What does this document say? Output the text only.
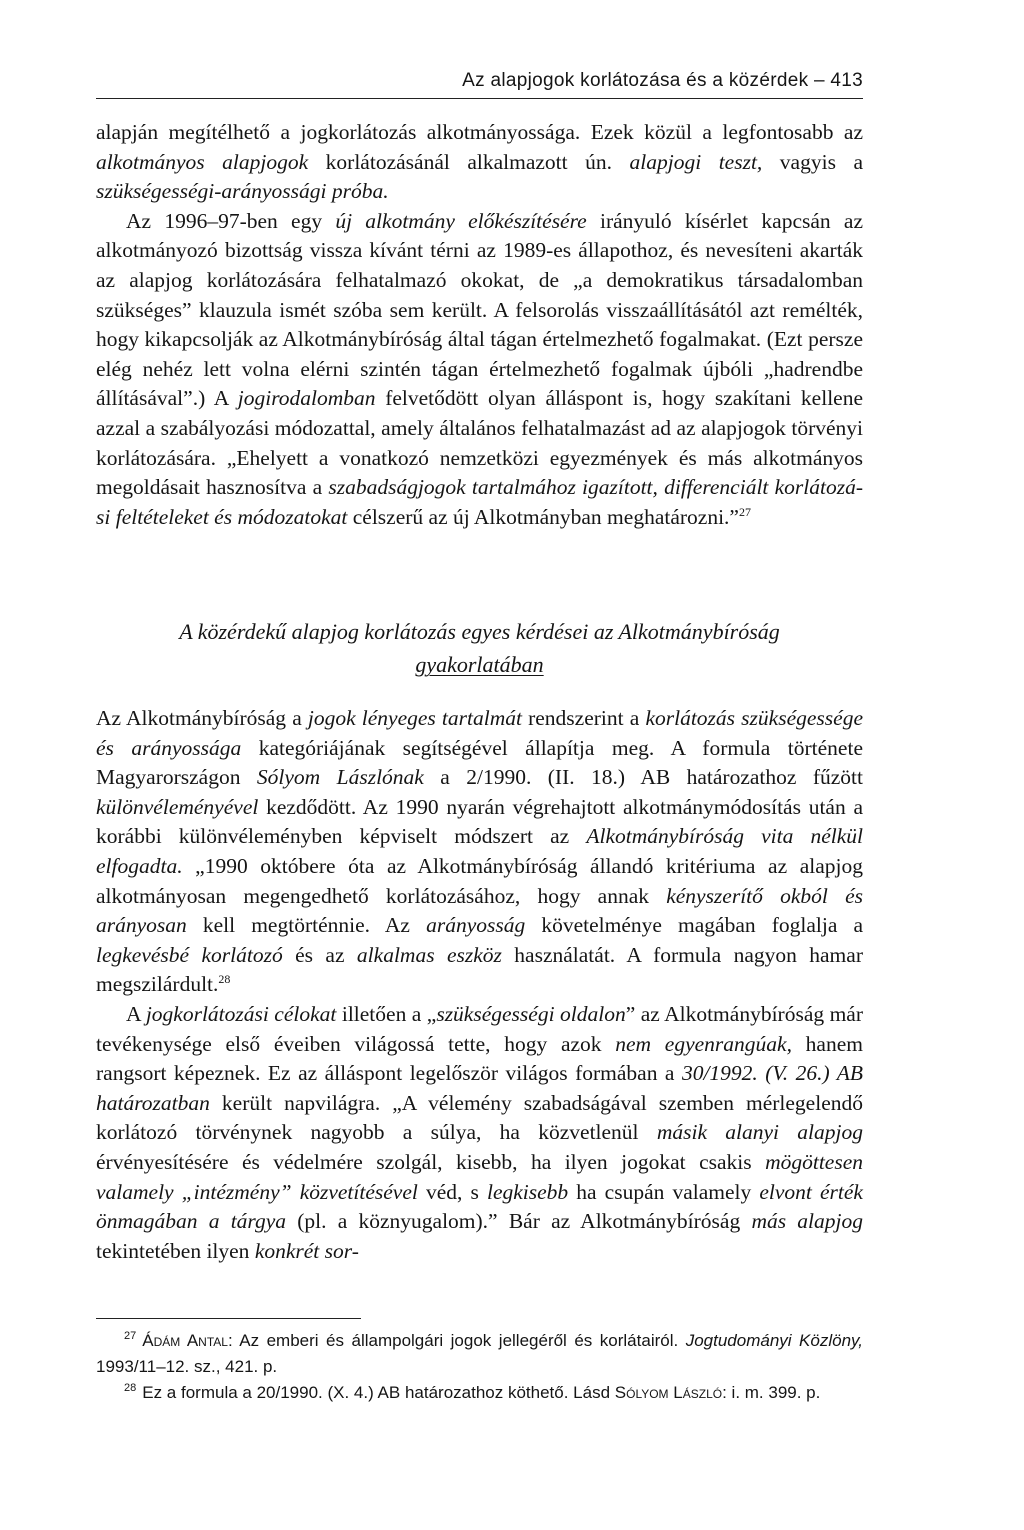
Az alapjogok korlátozása és a közérdek – 413

alapján megítélhető a jogkorlátozás alkotmányossága. Ezek közül a legfontosabb az alkotmányos alapjogok korlátozásánál alkalmazott ún. alapjogi teszt, vagyis a szükségességi-arányossági próba.

Az 1996–97-ben egy új alkotmány előkészítésére irányuló kísérlet kapcsán az alkotmányozó bizottság vissza kívánt térni az 1989-es állapothoz, és nevesíteni akarták az alapjog korlátozására felhatalmazó okokat, de „a demokratikus társadalomban szükséges” klauzula ismét szóba sem került. A felsorolás visszaállításától azt remélték, hogy kikapcsolják az Alkotmánybíróság által tágan értelmezhető fogalmakat. (Ezt persze elég nehéz lett volna elérni szintén tágan értelmezhető fogalmak újbóli „hadrendbe állításával”.) A jogirodalomban felvetődött olyan álláspont is, hogy szakítani kellene azzal a szabályozási módozattal, amely általános felhatalmazást ad az alapjogok törvényi korlátozására. „Ehelyett a vonatkozó nemzetközi egyezmények és más alkotmányos megoldásait hasznosítva a szabadságjogok tartalmához igazított, differenciált korlátozási feltételeket és módozatokat célszerű az új Alkotmányban meghatározni.”$^{27}$

A közérdekű alapjog korlátozás egyes kérdései az Alkotmánybíróság
gyakorlatában

Az Alkotmánybíróság a jogok lényeges tartalmát rendszerint a korlátozás szükségessége és arányossága kategóriájának segítségével állapítja meg. A formula története Magyarországon Sólyom Lászlónak a 2/1990. (II. 18.) AB határozathoz fűzött különvéleményével kezdődött. Az 1990 nyarán végrehajtott alkotmánymódosítás után a korábbi különvéleményben képviselt módszert az Alkotmánybíróság vita nélkül elfogadta. „1990 októbere óta az Alkotmánybíróság állandó kritériuma az alapjog alkotmányosan megengedhető korlátozásához, hogy annak kényszerítő okból és arányosan kell megtörténnie. Az arányosság követelménye magában foglalja a legkevésbé korlátozó és az alkalmas eszköz használatát. A formula nagyon hamar megszilárdult.$^{28}$

A jogkorlátozási célokat illetően a „szükségességi oldalon” az Alkotmánybíróság már tevékenysége első éveiben világossá tette, hogy azok nem egyenrangúak, hanem rangsort képeznek. Ez az álláspont legelőször világos formában a 30/1992. (V. 26.) AB határozatban került napvilágra. „A vélemény szabadságával szemben mérlegelendő korlátozó törvénynek nagyobb a súlya, ha közvetlenül másik alanyi alapjog érvényesítésére és védelmére szolgál, kisebb, ha ilyen jogokat csakis mögöttesen valamely „intézmény” közvetítésével véd, s legkisebb ha csupán valamely elvont érték önmagában a tárgya (pl. a köznyugalom).” Bár az Alkotmánybíróság más alapjog tekintetében ilyen konkrét sor-

$^{27}$ Ádám Antal: Az emberi és állampolgári jogok jellegéről és korlátairól. Jogtudományi Közlöny, 1993/11–12. sz., 421. p.

$^{28}$ Ez a formula a 20/1990. (X. 4.) AB határozathoz köthető. Lásd Sólyom László: i. m. 399. p.
